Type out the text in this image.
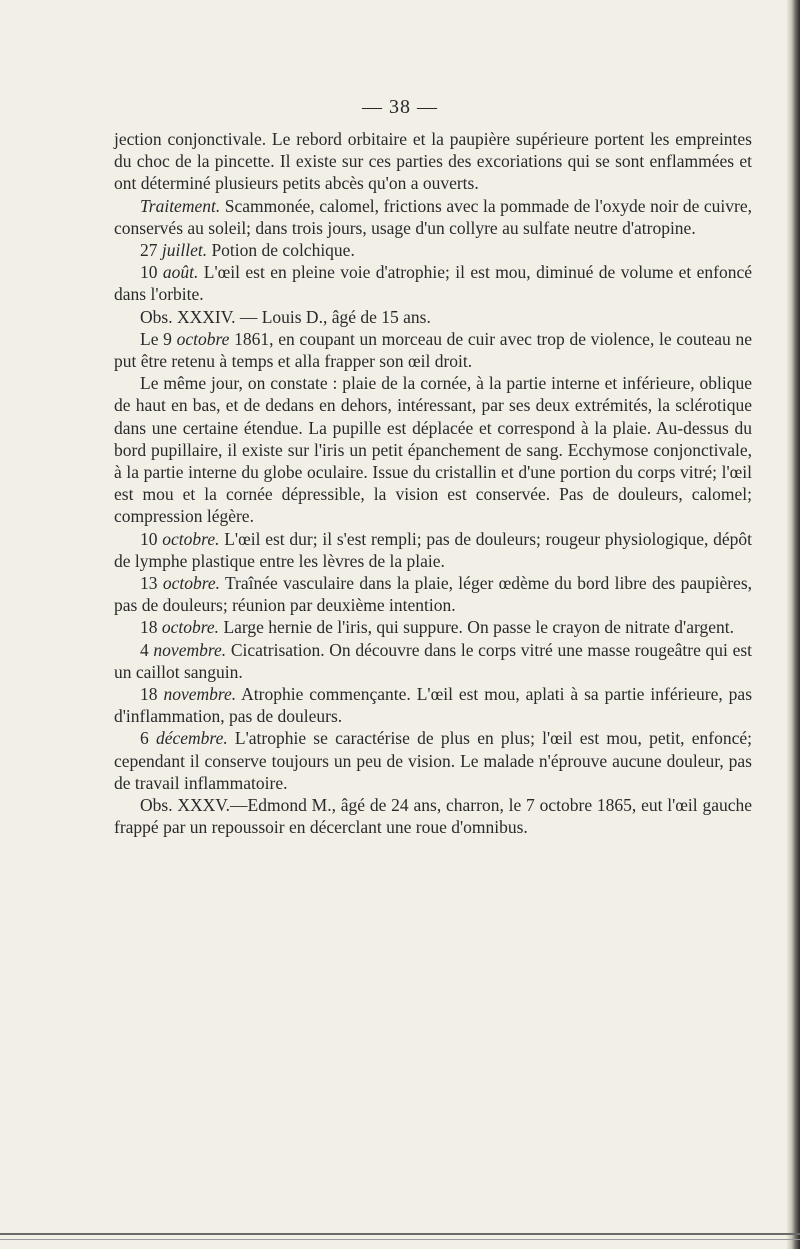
— 38 —

jection conjonctivale. Le rebord orbitaire et la paupière supérieure portent les empreintes du choc de la pincette. Il existe sur ces parties des excoriations qui se sont enflammées et ont déterminé plusieurs petits abcès qu'on a ouverts.

Traitement. Scammonée, calomel, frictions avec la pommade de l'oxyde noir de cuivre, conservés au soleil; dans trois jours, usage d'un collyre au sulfate neutre d'atropine.

27 juillet. Potion de colchique.

10 août. L'œil est en pleine voie d'atrophie; il est mou, diminué de volume et enfoncé dans l'orbite.

Obs. XXXIV. — Louis D., âgé de 15 ans.

Le 9 octobre 1861, en coupant un morceau de cuir avec trop de violence, le couteau ne put être retenu à temps et alla frapper son œil droit.

Le même jour, on constate : plaie de la cornée, à la partie interne et inférieure, oblique de haut en bas, et de dedans en dehors, intéressant, par ses deux extrémités, la sclérotique dans une certaine étendue. La pupille est déplacée et correspond à la plaie. Au-dessus du bord pupillaire, il existe sur l'iris un petit épanchement de sang. Ecchymose conjonctivale, à la partie interne du globe oculaire. Issue du cristallin et d'une portion du corps vitré; l'œil est mou et la cornée dépressible, la vision est conservée. Pas de douleurs, calomel; compression légère.

10 octobre. L'œil est dur; il s'est rempli; pas de douleurs; rougeur physiologique, dépôt de lymphe plastique entre les lèvres de la plaie.

13 octobre. Traînée vasculaire dans la plaie, léger œdème du bord libre des paupières, pas de douleurs; réunion par deuxième intention.

18 octobre. Large hernie de l'iris, qui suppure. On passe le crayon de nitrate d'argent.

4 novembre. Cicatrisation. On découvre dans le corps vitré une masse rougeâtre qui est un caillot sanguin.

18 novembre. Atrophie commençante. L'œil est mou, aplati à sa partie inférieure, pas d'inflammation, pas de douleurs.

6 décembre. L'atrophie se caractérise de plus en plus; l'œil est mou, petit, enfoncé; cependant il conserve toujours un peu de vision. Le malade n'éprouve aucune douleur, pas de travail inflammatoire.

Obs. XXXV.—Edmond M., âgé de 24 ans, charron, le 7 octobre 1865, eut l'œil gauche frappé par un repoussoir en décerclant une roue d'omnibus.
